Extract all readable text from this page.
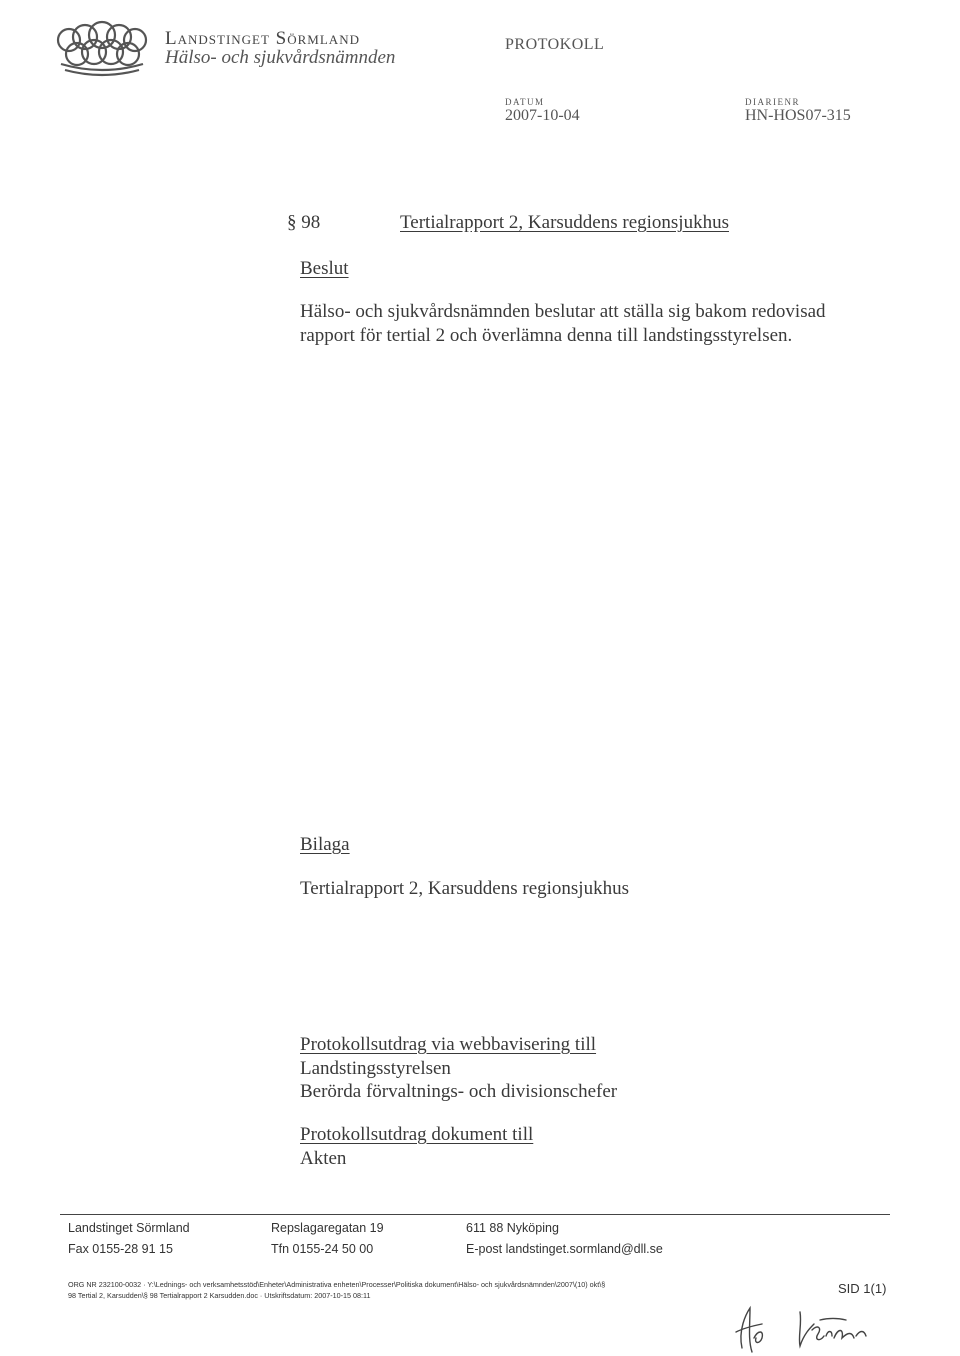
Landstinget Sörmland
Hälso- och sjukvårdsnämnden
PROTOKOLL
DATUM
2007-10-04
DIARIENR
HN-HOS07-315
§ 98	Tertialrapport 2, Karsuddens regionsjukhus
Beslut
Hälso- och sjukvårdsnämnden beslutar att ställa sig bakom redovisad
rapport för tertial 2 och överlämna denna till landstingsstyrelsen.
Bilaga
Tertialrapport 2, Karsuddens regionsjukhus
Protokollsutdrag via webbavisering till
Landstingsstyrelsen
Berörda förvaltnings- och divisionschefer
Protokollsutdrag dokument till
Akten
Landstinget Sörmland	Repslagaregatan 19	611 88 Nyköping
Fax 0155-28 91 15	Tfn 0155-24 50 00	E-post landstinget.sormland@dll.se
ORG NR 232100-0032 · Y:\Lednings- och verksamhetsstöd\Enheter\Administrativa enheten\Processer\Politiska dokument\Hälso- och sjukvårdsnämnden\2007\(10) okt\§
98 Tertial 2, Karsudden\§ 98 Tertialrapport 2 Karsudden.doc · Utskriftsdatum: 2007-10-15 08:11	SID 1(1)
